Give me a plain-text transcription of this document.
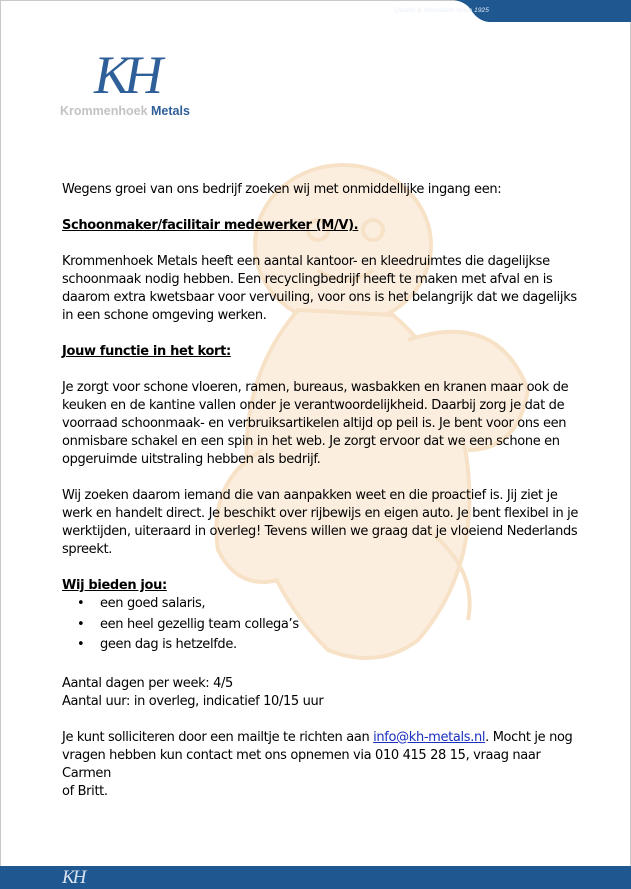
Quality & Innovation since 1925
KH
Krommenhoek Metals

Wegens groei van ons bedrijf zoeken wij met onmiddellijke ingang een:

Schoonmaker/facilitair medewerker (M/V).

Krommenhoek Metals heeft een aantal kantoor- en kleedruimtes die dagelijkse

schoonmaak nodig hebben. Een recyclingbedrijf heeft te maken met afval en is

daarom extra kwetsbaar voor vervuiling, voor ons is het belangrijk dat we dagelijks

in een schone omgeving werken.

Jouw functie in het kort:

Je zorgt voor schone vloeren, ramen, bureaus, wasbakken en kranen maar ook de

keuken en de kantine vallen onder je verantwoordelijkheid. Daarbij zorg je dat de

voorraad schoonmaak- en verbruiksartikelen altijd op peil is. Je bent voor ons een

onmisbare schakel en een spin in het web. Je zorgt ervoor dat we een schone en

opgeruimde uitstraling hebben als bedrijf.

Wij zoeken daarom iemand die van aanpakken weet en die proactief is. Jij ziet je

werk en handelt direct. Je beschikt over rijbewijs en eigen auto. Je bent flexibel in je

werktijden, uiteraard in overleg! Tevens willen we graag dat je vloeiend Nederlands

spreekt.

Wij bieden jou:

• een goed salaris,
• een heel gezellig team collega’s
• geen dag is hetzelfde.

Aantal dagen per week: 4/5

Aantal uur: in overleg, indicatief 10/15 uur

Je kunt solliciteren door een mailtje te richten aan info@kh-metals.nl. Mocht je nog

vragen hebben kun contact met ons opnemen via 010 415 28 15, vraag naar Carmen

of Britt.

KH
